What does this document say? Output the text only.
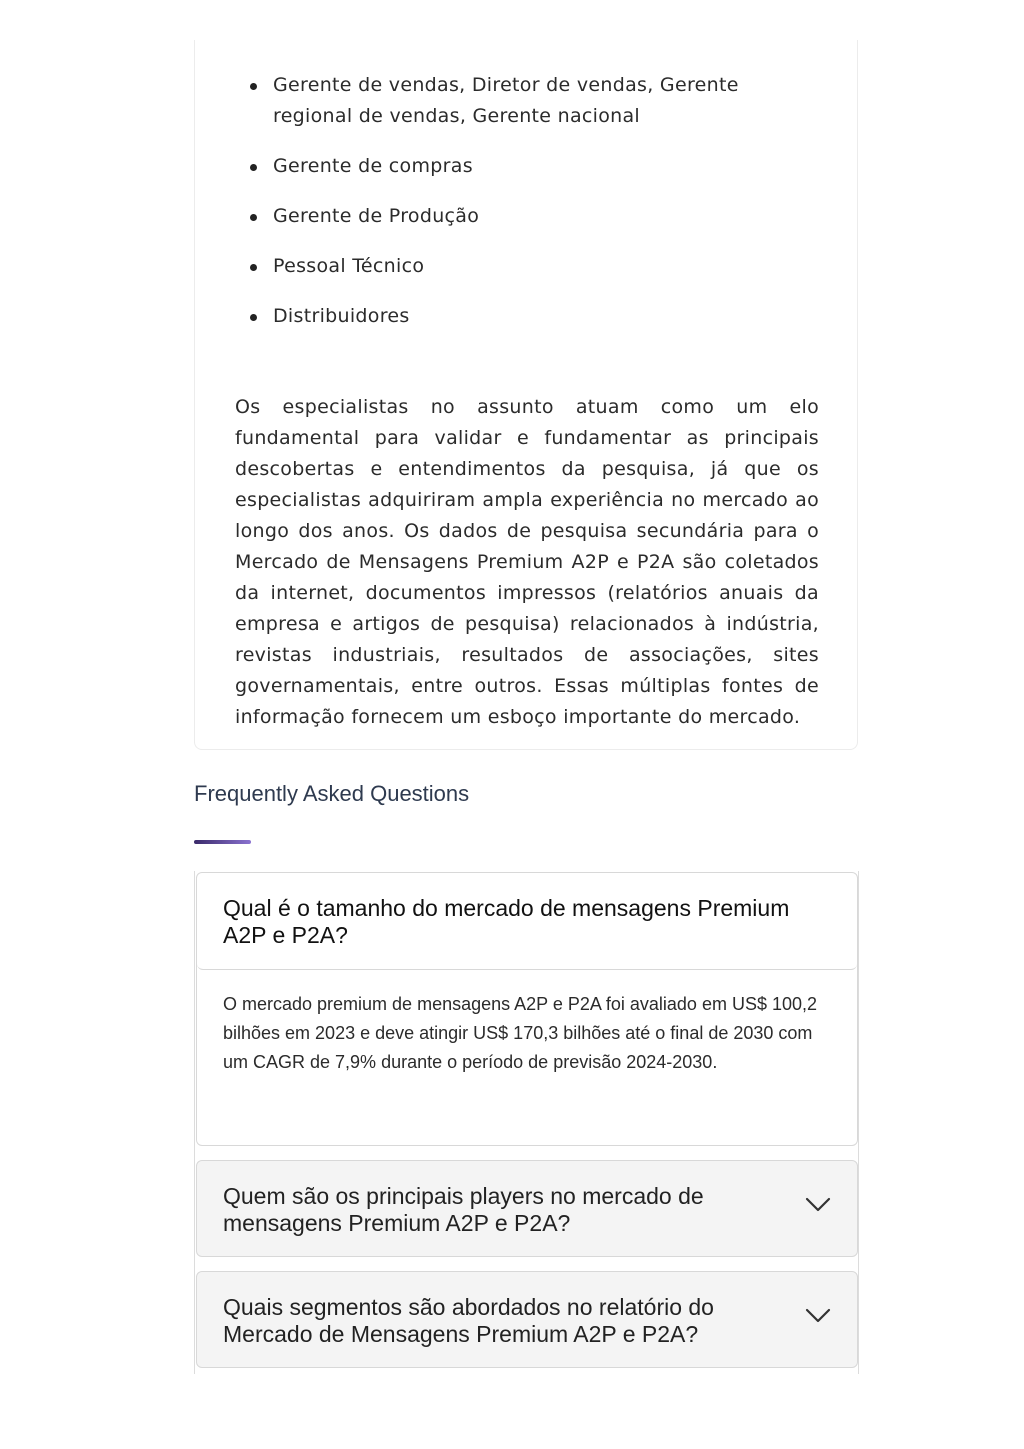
Gerente de vendas, Diretor de vendas, Gerente regional de vendas, Gerente nacional
Gerente de compras
Gerente de Produção
Pessoal Técnico
Distribuidores

Os especialistas no assunto atuam como um elo fundamental para validar e fundamentar as principais descobertas e entendimentos da pesquisa, já que os especialistas adquiriram ampla experiência no mercado ao longo dos anos. Os dados de pesquisa secundária para o Mercado de Mensagens Premium A2P e P2A são coletados da internet, documentos impressos (relatórios anuais da empresa e artigos de pesquisa) relacionados à indústria, revistas industriais, resultados de associações, sites governamentais, entre outros. Essas múltiplas fontes de informação fornecem um esboço importante do mercado.

Frequently Asked Questions
Qual é o tamanho do mercado de mensagens Premium A2P e P2A?
O mercado premium de mensagens A2P e P2A foi avaliado em US$ 100,2 bilhões em 2023 e deve atingir US$ 170,3 bilhões até o final de 2030 com um CAGR de 7,9% durante o período de previsão 2024-2030.
Quem são os principais players no mercado de mensagens Premium A2P e P2A?
Quais segmentos são abordados no relatório do Mercado de Mensagens Premium A2P e P2A?
